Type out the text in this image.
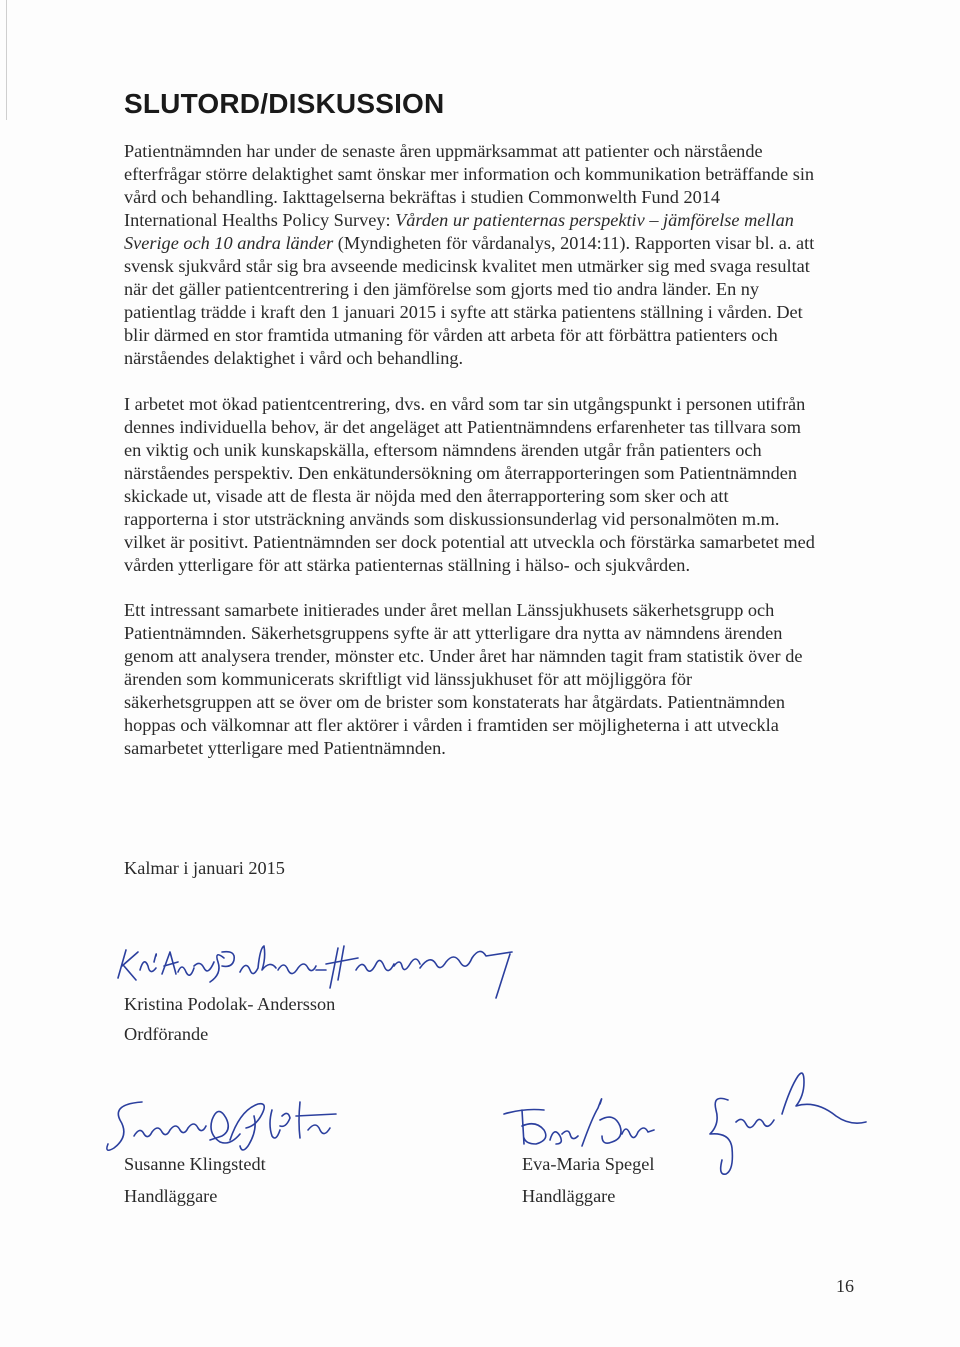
SLUTORD/DISKUSSION
Patientnämnden har under de senaste åren uppmärksammat att patienter och närstående
efterfrågar större delaktighet samt önskar mer information och kommunikation beträffande sin
vård och behandling. Iakttagelserna bekräftas i studien Commonwelth Fund 2014
International Healths Policy Survey: Vården ur patienternas perspektiv – jämförelse mellan
Sverige och 10 andra länder (Myndigheten för vårdanalys, 2014:11). Rapporten visar bl. a. att
svensk sjukvård står sig bra avseende medicinsk kvalitet men utmärker sig med svaga resultat
när det gäller patientcentrering i den jämförelse som gjorts med tio andra länder. En ny
patientlag trädde i kraft den 1 januari 2015 i syfte att stärka patientens ställning i vården. Det
blir därmed en stor framtida utmaning för vården att arbeta för att förbättra patienters och
närståendes delaktighet i vård och behandling.
I arbetet mot ökad patientcentrering, dvs. en vård som tar sin utgångspunkt i personen utifrån
dennes individuella behov, är det angeläget att Patientnämndens erfarenheter tas tillvara som
en viktig och unik kunskapskälla, eftersom nämndens ärenden utgår från patienters och
närståendes perspektiv. Den enkätundersökning om återrapporteringen som Patientnämnden
skickade ut, visade att de flesta är nöjda med den återrapportering som sker och att
rapporterna i stor utsträckning används som diskussionsunderlag vid personalmöten m.m.
vilket är positivt. Patientnämnden ser dock potential att utveckla och förstärka samarbetet med
vården ytterligare för att stärka patienternas ställning i hälso- och sjukvården.
Ett intressant samarbete initierades under året mellan Länssjukhusets säkerhetsgrupp och
Patientnämnden. Säkerhetsgruppens syfte är att ytterligare dra nytta av nämndens ärenden
genom att analysera trender, mönster etc. Under året har nämnden tagit fram statistik över de
ärenden som kommunicerats skriftligt vid länssjukhuset för att möjliggöra för
säkerhetsgruppen att se över om de brister som konstaterats har åtgärdats. Patientnämnden
hoppas och välkomnar att fler aktörer i vården i framtiden ser möjligheterna i att utveckla
samarbetet ytterligare med Patientnämnden.

Kalmar i januari 2015

Kristina Podolak- Andersson

Ordförande

Susanne Klingstedt

Handläggare

Eva-Maria Spegel

Handläggare

16
